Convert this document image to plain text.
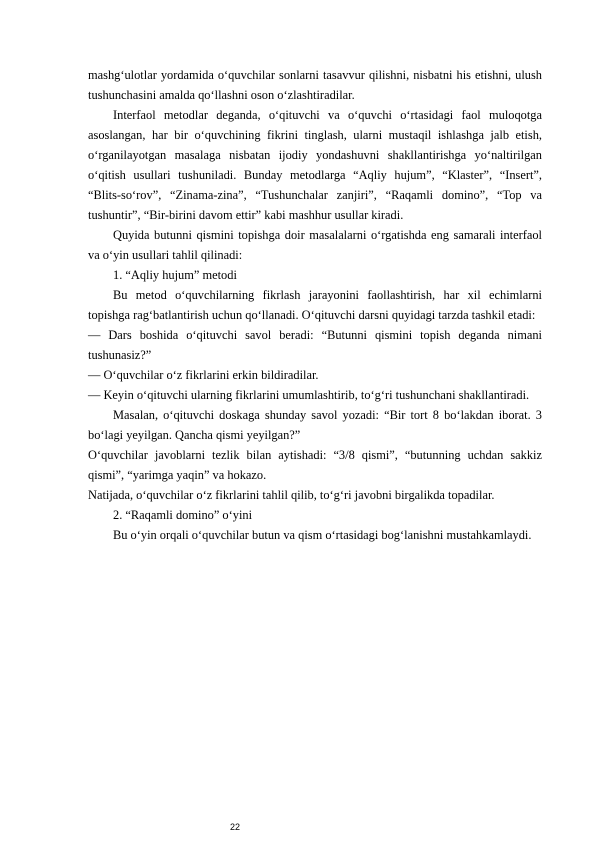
mashg‘ulotlar yordamida o‘quvchilar sonlarni tasavvur qilishni, nisbatni his etishni, ulush tushunchasini amalda qo‘llashni oson o‘zlashtiradilar.

Interfaol metodlar deganda, o‘qituvchi va o‘quvchi o‘rtasidagi faol muloqotga asoslangan, har bir o‘quvchining fikrini tinglash, ularni mustaqil ishlashga jalb etish, o‘rganilayotgan masalaga nisbatan ijodiy yondashuvni shakllantirishga yo‘naltirilgan o‘qitish usullari tushuniladi. Bunday metodlarga “Aqliy hujum”, “Klaster”, “Insert”, “Blits-so‘rov”, “Zinama-zina”, “Tushunchalar zanjiri”, “Raqamli domino”, “Top va tushuntir”, “Bir-birini davom ettir” kabi mashhur usullar kiradi.

Quyida butunni qismini topishga doir masalalarni o‘rgatishda eng samarali interfaol va o‘yin usullari tahlil qilinadi:

1. “Aqliy hujum” metodi

Bu metod o‘quvchilarning fikrlash jarayonini faollashtirish, har xil echimlarni topishga rag‘batlantirish uchun qo‘llanadi. O‘qituvchi darsni quyidagi tarzda tashkil etadi:

— Dars boshida o‘qituvchi savol beradi: “Butunni qismini topish deganda nimani tushunasiz?”

— O‘quvchilar o‘z fikrlarini erkin bildiradilar.

— Keyin o‘qituvchi ularning fikrlarini umumlashtirib, to‘g‘ri tushunchani shakllantiradi.

Masalan, o‘qituvchi doskaga shunday savol yozadi: “Bir tort 8 bo‘lakdan iborat. 3 bo‘lagi yeyilgan. Qancha qismi yeyilgan?”

O‘quvchilar javoblarni tezlik bilan aytishadi: “3/8 qismi”, “butunning uchdan sakkiz qismi”, “yarimga yaqin” va hokazo.

Natijada, o‘quvchilar o‘z fikrlarini tahlil qilib, to‘g‘ri javobni birgalikda topadilar.

2. “Raqamli domino” o‘yini

Bu o‘yin orqali o‘quvchilar butun va qism o‘rtasidagi bog‘lanishni mustahkamlaydi.

22
